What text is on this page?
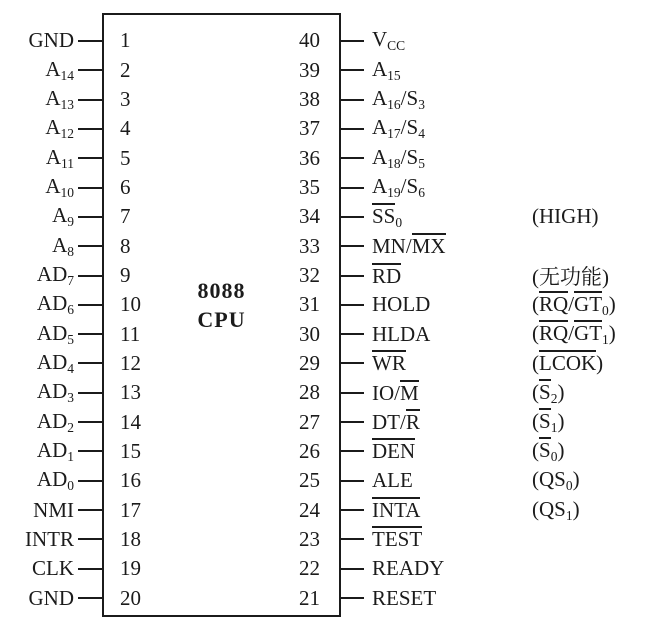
8088
CPU
GND	1	40 VCC
A14	2	39 A15
A13	3	38 A16/S3
A12	4	37 A17/S4
A11	5	36 A18/S5
A10	6	35 A19/S6
A9	7	34 SS0	(HIGH)
A8	8	33 MN/MX
AD7	9	32 RD	(无功能)
AD6	10	31 HOLD	(RQ/GT0)
AD5	11	30 HLDA	(RQ/GT1)
AD4	12	29 WR	(LCOK)
AD3	13	28 IO/M	(S2)
AD2	14	27 DT/R	(S1)
AD1	15	26 DEN	(S0)
AD0	16	25 ALE	(QS0)
NMI	17	24 INTA	(QS1)
INTR	18	23 TEST
CLK	19	22 READY
GND	20	21 RESET
